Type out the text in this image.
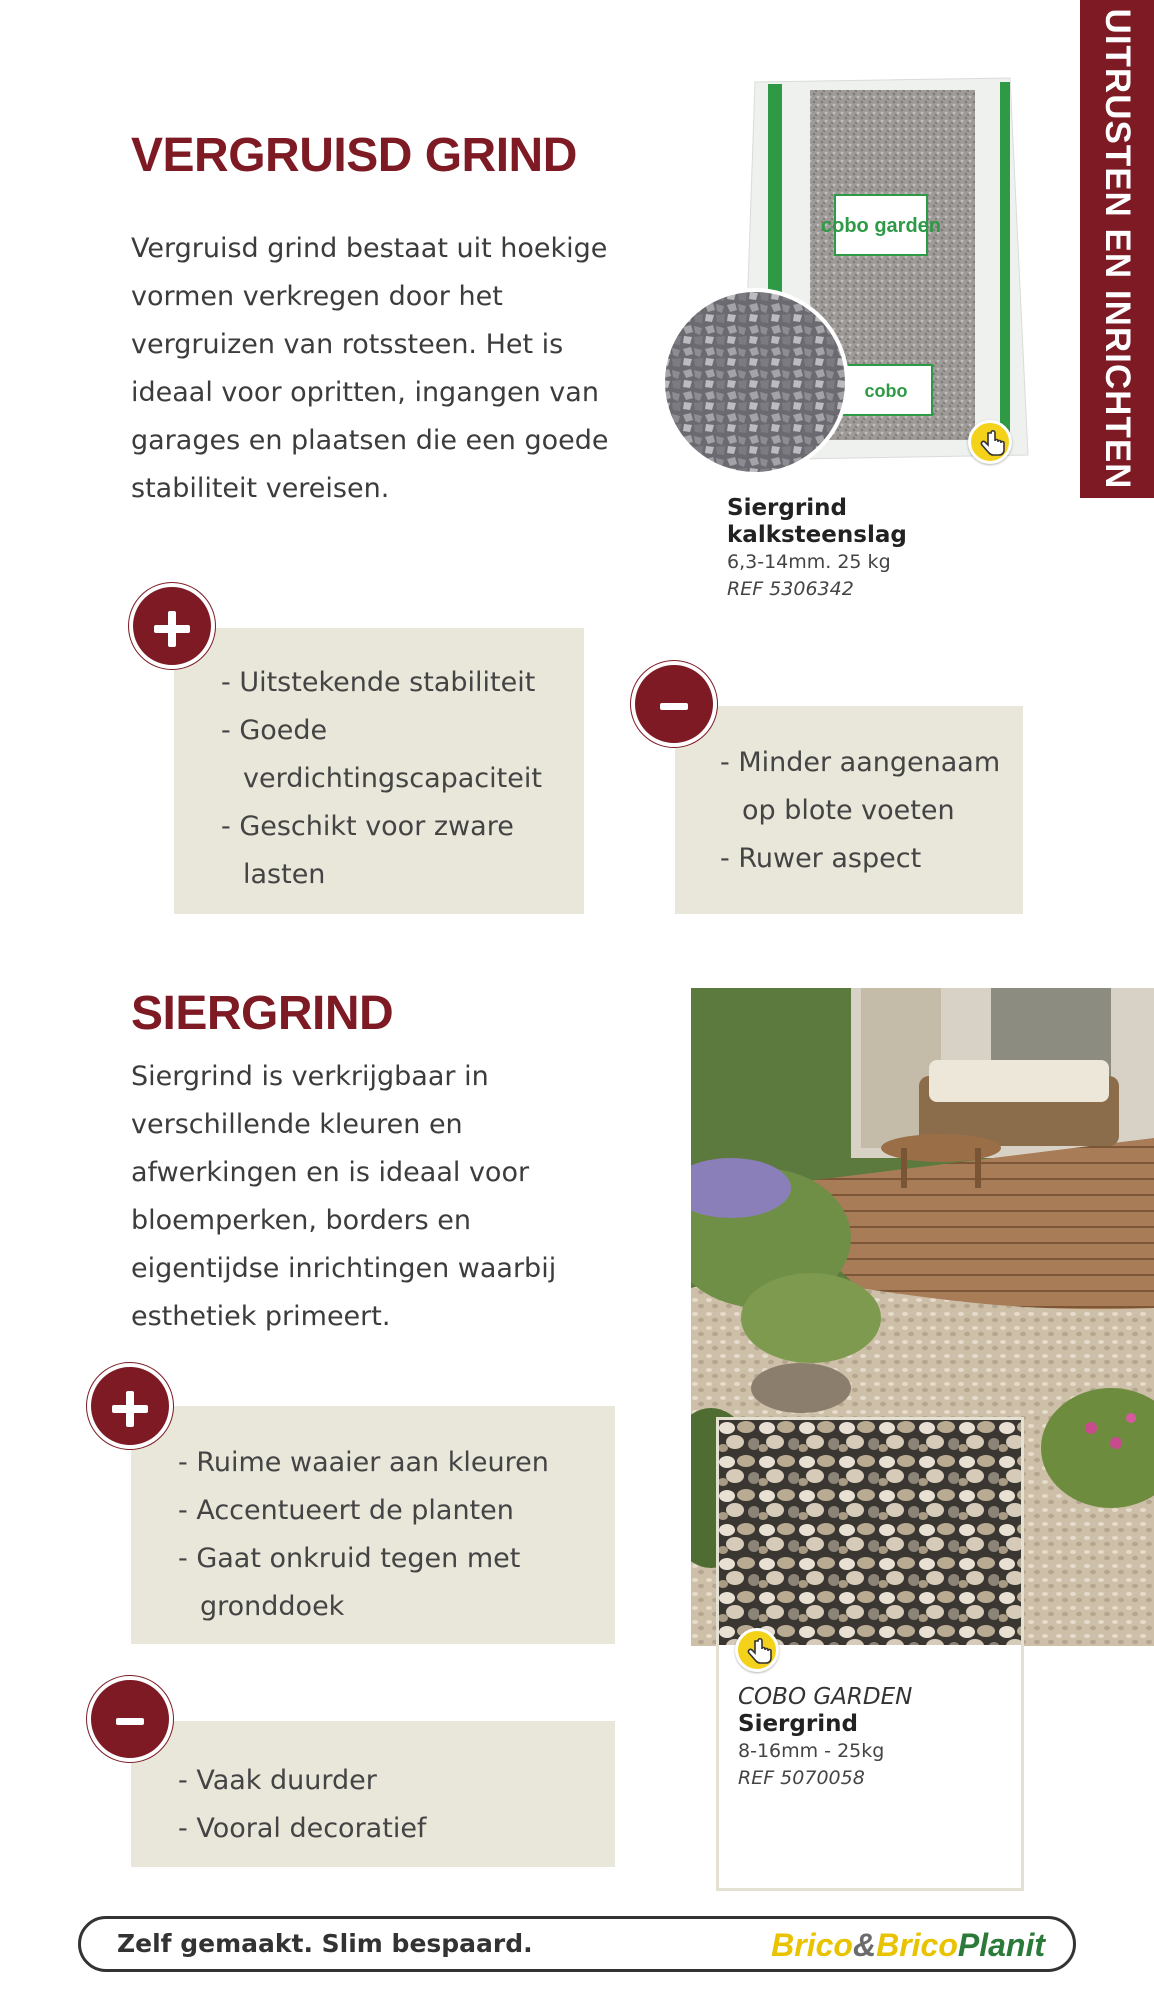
UITRUSTEN EN INRICHTEN
VERGRUISD GRIND
Vergruisd grind bestaat uit hoekige
vormen verkregen door het
vergruizen van rotssteen. Het is
ideaal voor opritten, ingangen van
garages en plaatsen die een goede
stabiliteit vereisen.
cobo garden
cobo
Siergrind
kalksteenslag
6,3-14mm. 25 kg
REF 5306342
- Uitstekende stabiliteit
- Goede verdichtingscapaciteit
- Geschikt voor zware lasten
- Minder aangenaam op blote voeten
- Ruwer aspect
SIERGRIND
Siergrind is verkrijgbaar in
verschillende kleuren en
afwerkingen en is ideaal voor
bloemperken, borders en
eigentijdse inrichtingen waarbij
esthetiek primeert.
COBO GARDEN
Siergrind
8-16mm - 25kg
REF 5070058
- Ruime waaier aan kleuren
- Accentueert de planten
- Gaat onkruid tegen met gronddoek
- Vaak duurder
- Vooral decoratief
Zelf gemaakt. Slim bespaard.	Brico&BricoPlanit
